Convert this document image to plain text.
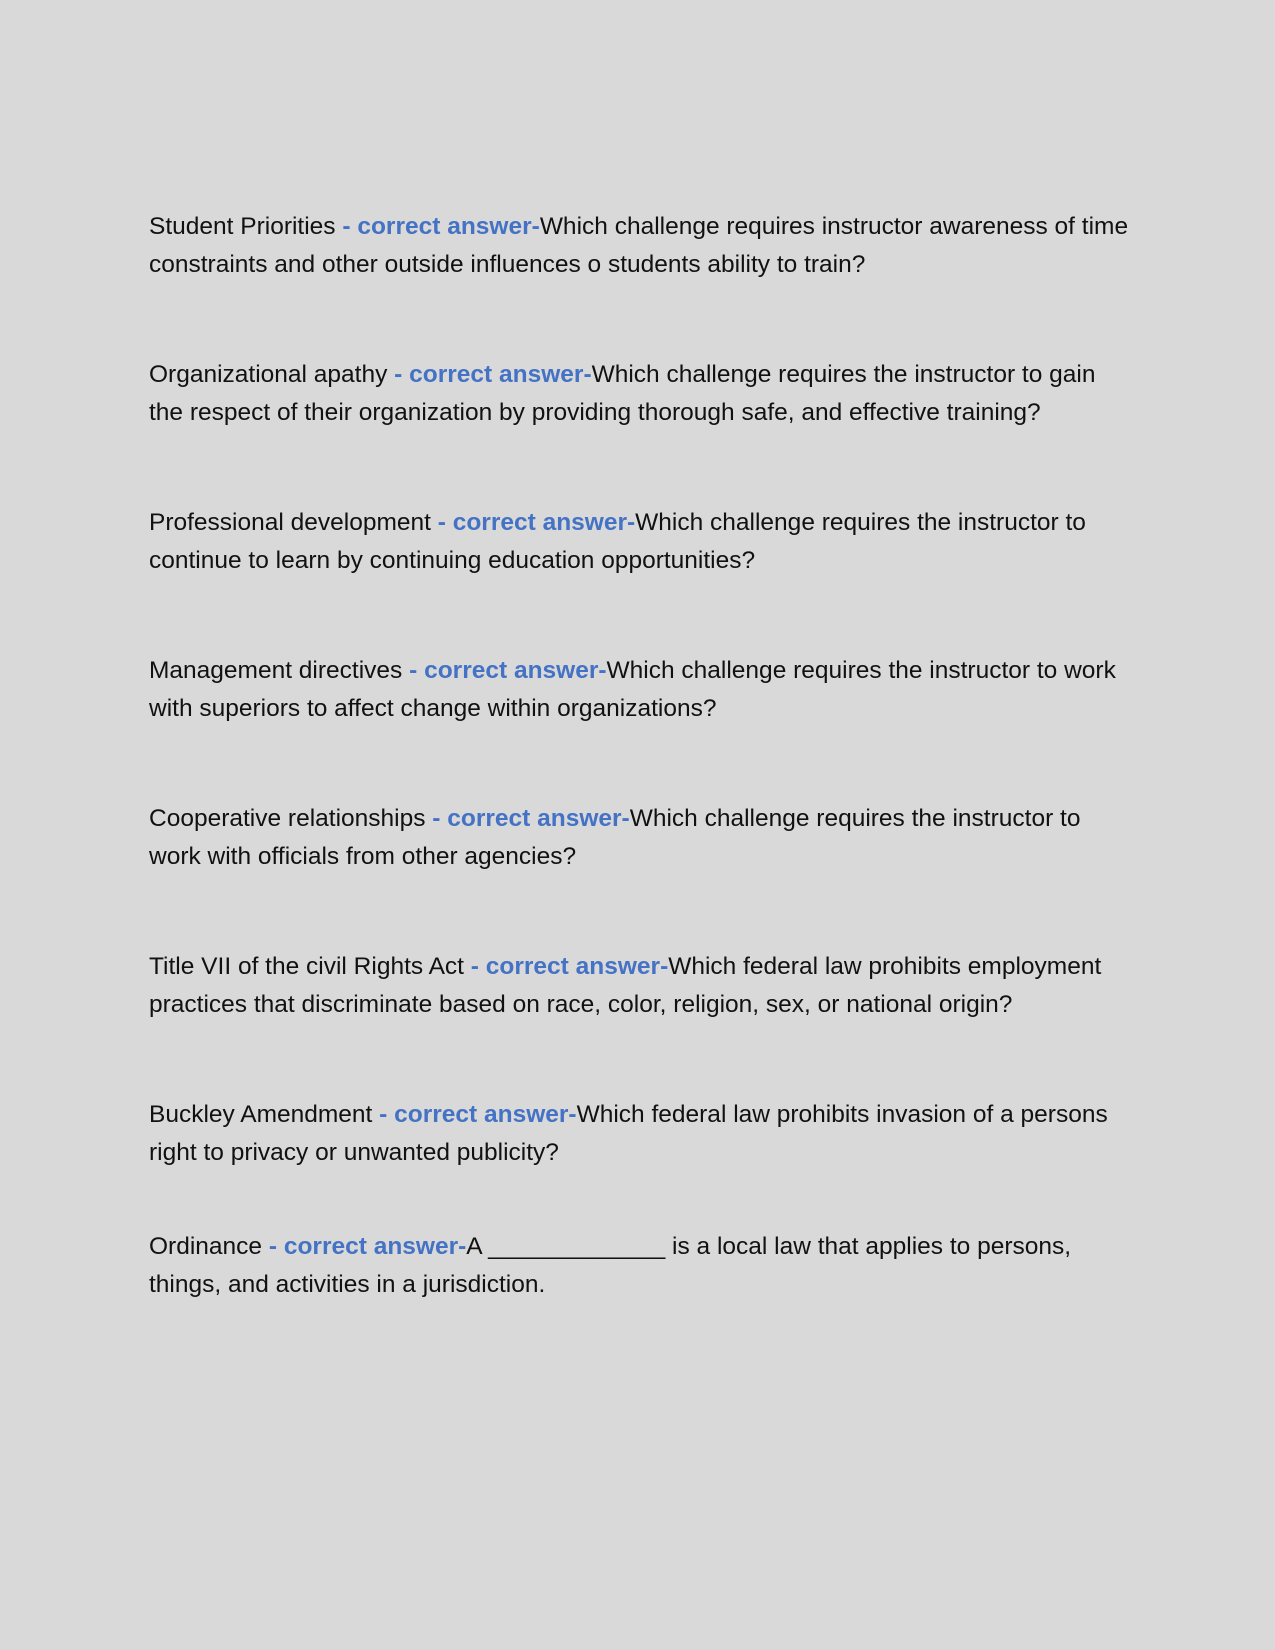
Student Priorities - correct answer-Which challenge requires instructor awareness of time constraints and other outside influences o students ability to train?

Organizational apathy - correct answer-Which challenge requires the instructor to gain the respect of their organization by providing thorough safe, and effective training?

Professional development - correct answer-Which challenge requires the instructor to continue to learn by continuing education opportunities?

Management directives - correct answer-Which challenge requires the instructor to work with superiors to affect change within organizations?

Cooperative relationships - correct answer-Which challenge requires the instructor to work with officials from other agencies?

Title VII of the civil Rights Act - correct answer-Which federal law prohibits employment practices that discriminate based on race, color, religion, sex, or national origin?

Buckley Amendment - correct answer-Which federal law prohibits invasion of a persons right to privacy or unwanted publicity?

Ordinance - correct answer-A _____________ is a local law that applies to persons, things, and activities in a jurisdiction.
